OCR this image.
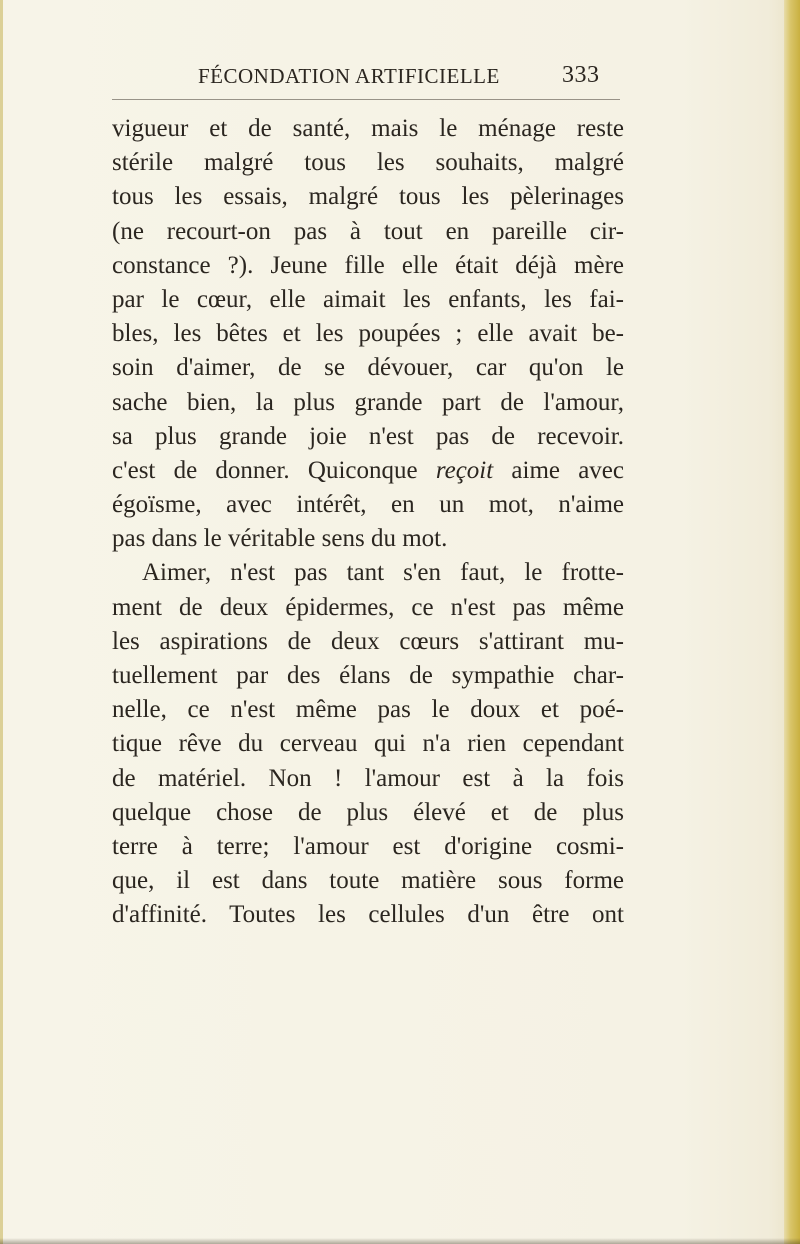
FÉCONDATION ARTIFICIELLE	333
vigueur et de santé, mais le ménage reste
stérile malgré tous les souhaits, malgré
tous les essais, malgré tous les pèlerinages
(ne recourt-on pas à tout en pareille cir-
constance ?). Jeune fille elle était déjà mère
par le cœur, elle aimait les enfants, les fai-
bles, les bêtes et les poupées ; elle avait be-
soin d'aimer, de se dévouer, car qu'on le
sache bien, la plus grande part de l'amour,
sa plus grande joie n'est pas de recevoir.
c'est de donner. Quiconque reçoit aime avec
égoïsme, avec intérêt, en un mot, n'aime
pas dans le véritable sens du mot.
Aimer, n'est pas tant s'en faut, le frotte-
ment de deux épidermes, ce n'est pas même
les aspirations de deux cœurs s'attirant mu-
tuellement par des élans de sympathie char-
nelle, ce n'est même pas le doux et poé-
tique rêve du cerveau qui n'a rien cependant
de matériel. Non ! l'amour est à la fois
quelque chose de plus élevé et de plus
terre à terre; l'amour est d'origine cosmi-
que, il est dans toute matière sous forme
d'affinité. Toutes les cellules d'un être ont
